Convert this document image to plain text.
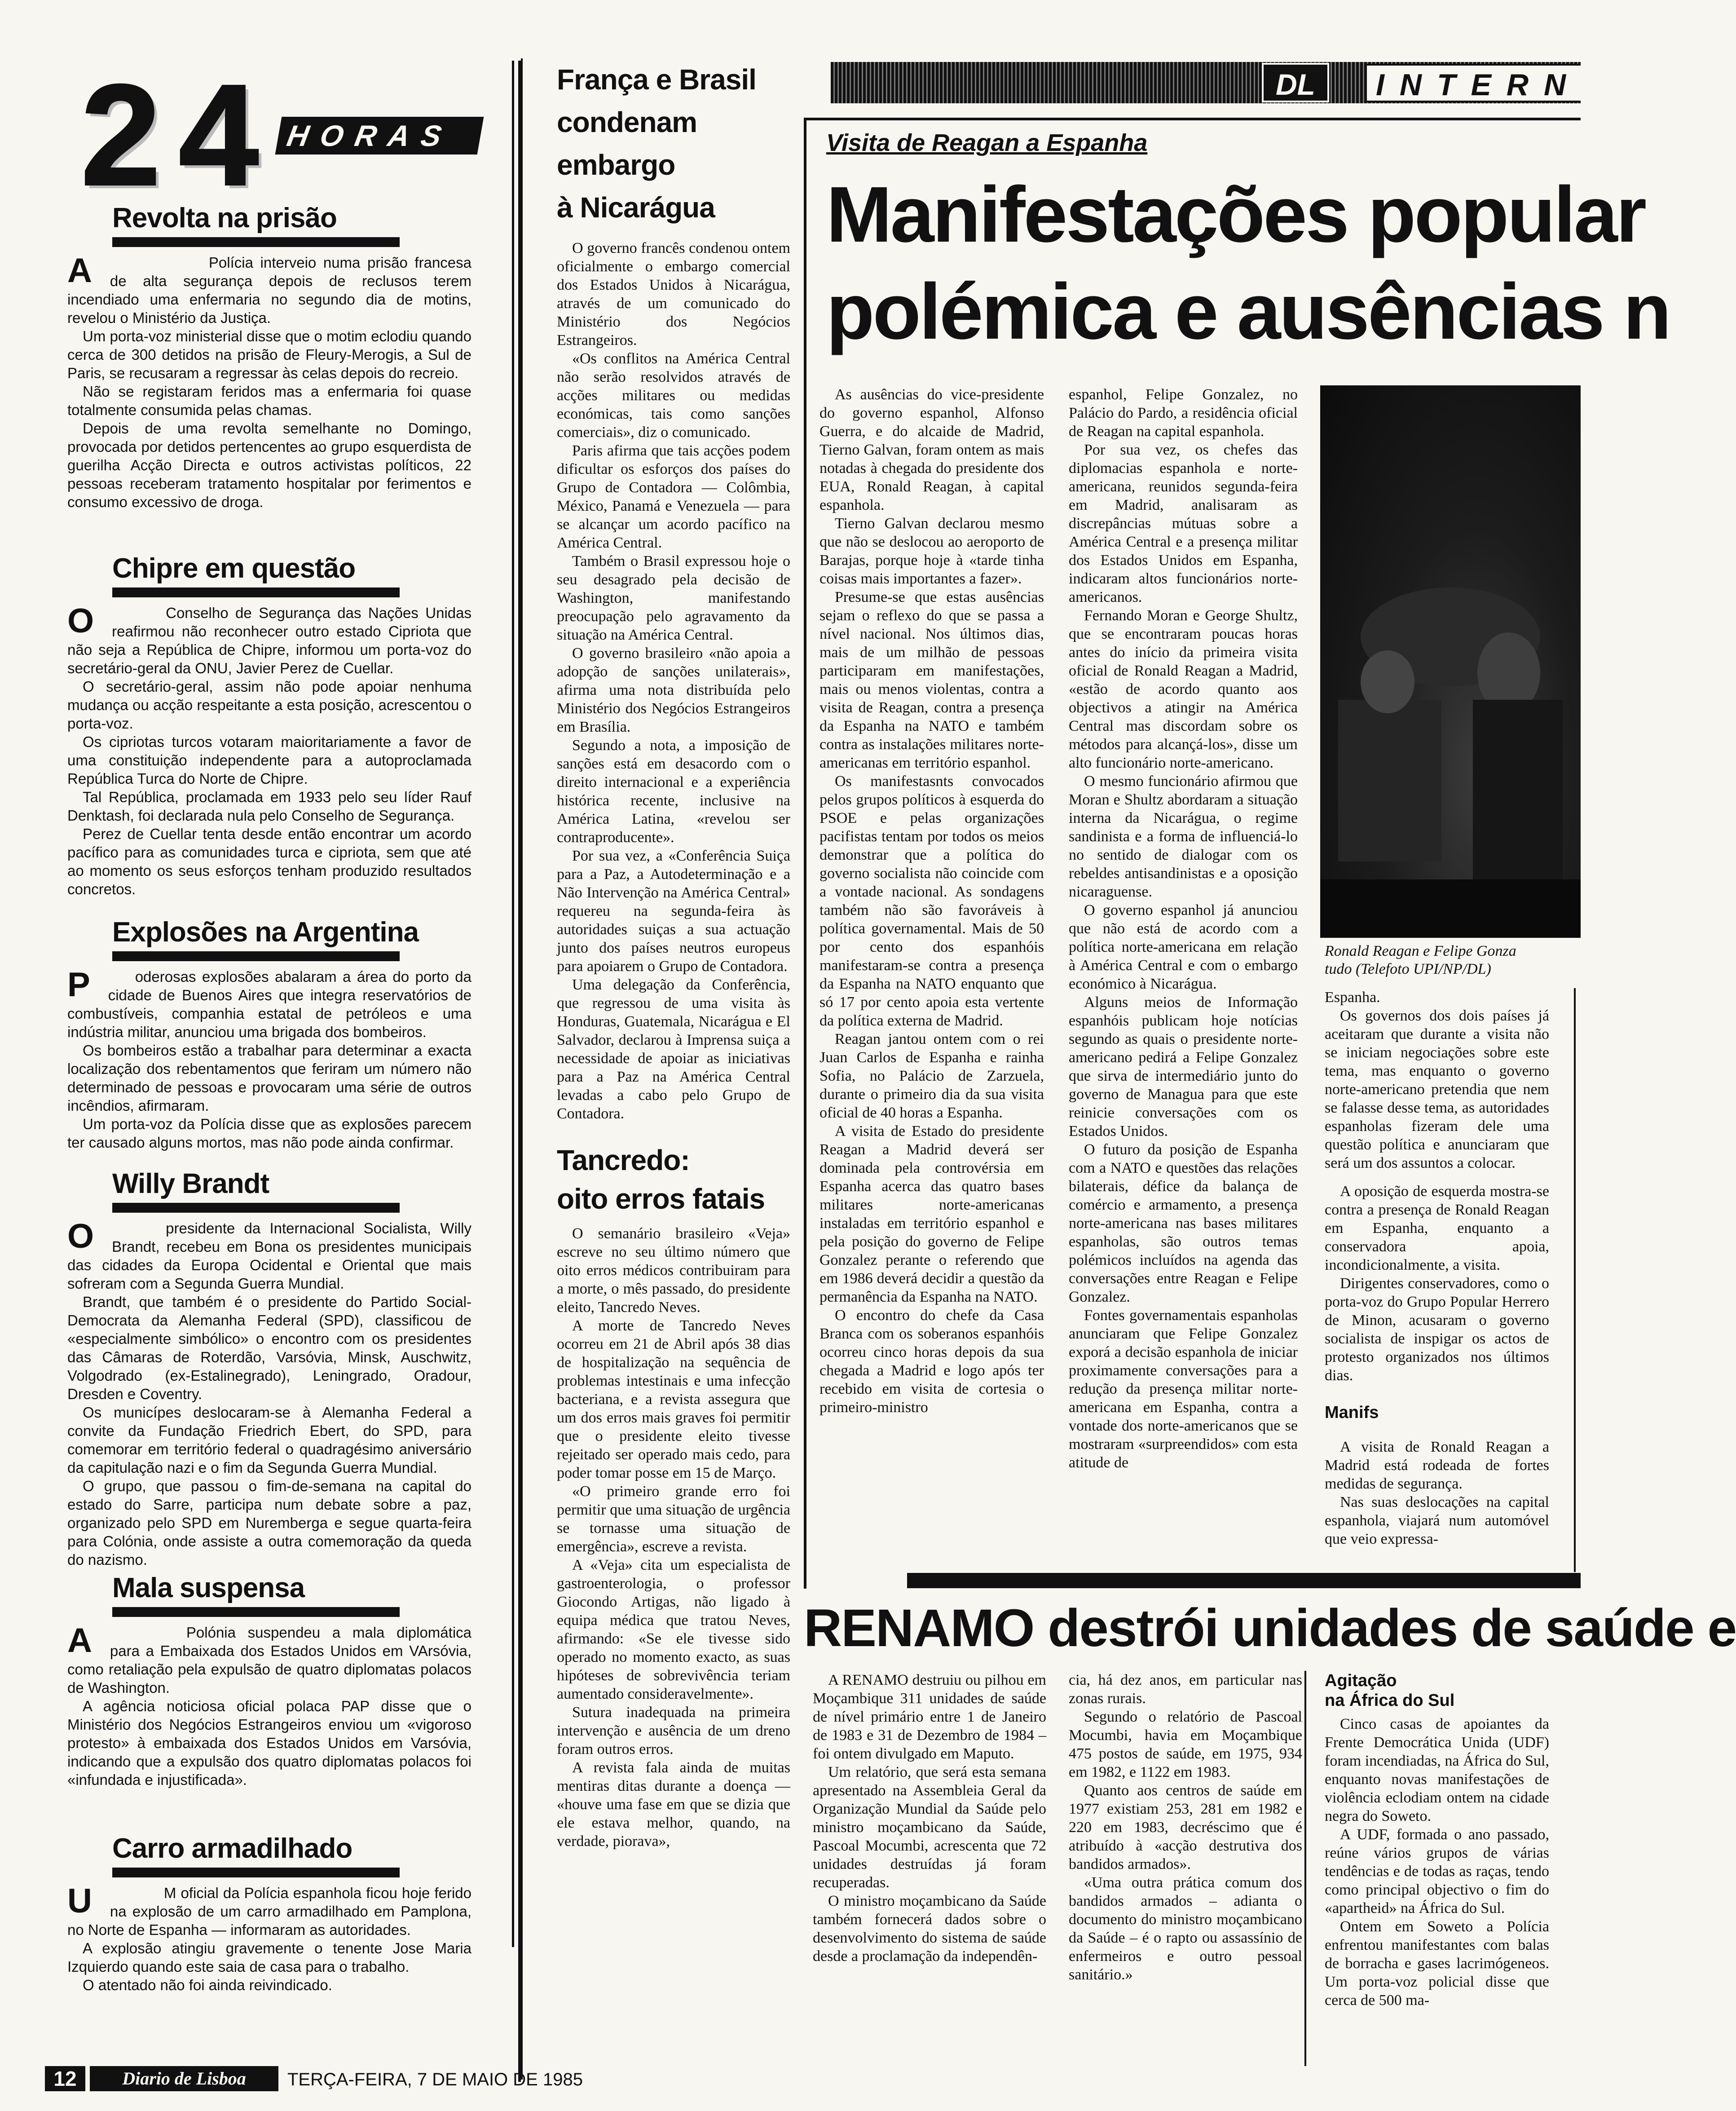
24 HORAS
Revolta na prisão
A	Polícia interveio numa prisão francesa de alta segurança depois de reclusos terem incendiado uma enfermaria no segundo dia de motins, revelou o Ministério da Justiça.

Um porta-voz ministerial disse que o motim eclodiu quando cerca de 300 detidos na prisão de Fleury-Merogis, a Sul de Paris, se recusaram a regressar às celas depois do recreio.

Não se registaram feridos mas a enfermaria foi quase totalmente consumida pelas chamas.

Depois de uma revolta semelhante no Domingo, provocada por detidos pertencentes ao grupo esquerdista de guerilha Acção Directa e outros activistas políticos, 22 pessoas receberam tratamento hospitalar por ferimentos e consumo excessivo de droga.

Chipre em questão
O	Conselho de Segurança das Nações Unidas reafirmou não reconhecer outro estado Cipriota que não seja a República de Chipre, informou um porta-voz do secretário-geral da ONU, Javier Perez de Cuellar.

O secretário-geral, assim não pode apoiar nenhuma mudança ou acção respeitante a esta posição, acrescentou o porta-voz.

Os cipriotas turcos votaram maioritariamente a favor de uma constituição independente para a autoproclamada República Turca do Norte de Chipre.

Tal República, proclamada em 1933 pelo seu líder Rauf Denktash, foi declarada nula pelo Conselho de Segurança.

Perez de Cuellar tenta desde então encontrar um acordo pacífico para as comunidades turca e cipriota, sem que até ao momento os seus esforços tenham produzido resultados concretos.

Explosões na Argentina
P	oderosas explosões abalaram a área do porto da cidade de Buenos Aires que integra reservatórios de combustíveis, companhia estatal de petróleos e uma indústria militar, anunciou uma brigada dos bombeiros.

Os bombeiros estão a trabalhar para determinar a exacta localização dos rebentamentos que feriram um número não determinado de pessoas e provocaram uma série de outros incêndios, afirmaram.

Um porta-voz da Polícia disse que as explosões parecem ter causado alguns mortos, mas não pode ainda confirmar.

Willy Brandt
O	presidente da Internacional Socialista, Willy Brandt, recebeu em Bona os presidentes municipais das cidades da Europa Ocidental e Oriental que mais sofreram com a Segunda Guerra Mundial.

Brandt, que também é o presidente do Partido Social-Democrata da Alemanha Federal (SPD), classificou de «especialmente simbólico» o encontro com os presidentes das Câmaras de Roterdão, Varsóvia, Minsk, Auschwitz, Volgodrado (ex-Estalinegrado), Leningrado, Oradour, Dresden e Coventry.

Os municípes deslocaram-se à Alemanha Federal a convite da Fundação Friedrich Ebert, do SPD, para comemorar em território federal o quadragésimo aniversário da capitulação nazi e o fim da Segunda Guerra Mundial.

O grupo, que passou o fim-de-semana na capital do estado do Sarre, participa num debate sobre a paz, organizado pelo SPD em Nuremberga e segue quarta-feira para Colónia, onde assiste a outra comemoração da queda do nazismo.

Mala suspensa
A	Polónia suspendeu a mala diplomática para a Embaixada dos Estados Unidos em VArsóvia, como retaliação pela expulsão de quatro diplomatas polacos de Washington.

A agência noticiosa oficial polaca PAP disse que o Ministério dos Negócios Estrangeiros enviou um «vigoroso protesto» à embaixada dos Estados Unidos em Varsóvia, indicando que a expulsão dos quatro diplomatas polacos foi «infundada e injustificada».

Carro armadilhado
U	M oficial da Polícia espanhola ficou hoje ferido na explosão de um carro armadilhado em Pamplona, no Norte de Espanha — informaram as autoridades.

A explosão atingiu gravemente o tenente Jose Maria Izquierdo quando este saia de casa para o trabalho.

O atentado não foi ainda reivindicado.

França e Brasil
condenam
embargo
à Nicarágua

O governo francês condenou ontem oficialmente o embargo comercial dos Estados Unidos à Nicarágua, através de um comunicado do Ministério dos Negócios Estrangeiros.

«Os conflitos na América Central não serão resolvidos através de acções militares ou medidas económicas, tais como sanções comerciais», diz o comunicado.

Paris afirma que tais acções podem dificultar os esforços dos países do Grupo de Contadora — Colômbia, México, Panamá e Venezuela — para se alcançar um acordo pacífico na América Central.

Também o Brasil expressou hoje o seu desagrado pela decisão de Washington, manifestando preocupação pelo agravamento da situação na América Central.

O governo brasileiro «não apoia a adopção de sanções unilaterais», afirma uma nota distribuída pelo Ministério dos Negócios Estrangeiros em Brasília.

Segundo a nota, a imposição de sanções está em desacordo com o direito internacional e a experiência histórica recente, inclusive na América Latina, «revelou ser contraproducente».

Por sua vez, a «Conferência Suiça para a Paz, a Autodeterminação e a Não Intervenção na América Central» requereu na segunda-feira às autoridades suiças a sua actuação junto dos países neutros europeus para apoiarem o Grupo de Contadora.

Uma delegação da Conferência, que regressou de uma visita às Honduras, Guatemala, Nicarágua e El Salvador, declarou à Imprensa suiça a necessidade de apoiar as iniciativas para a Paz na América Central levadas a cabo pelo Grupo de Contadora.

Tancredo:
oito erros fatais

O semanário brasileiro «Veja» escreve no seu último número que oito erros médicos contribuiram para a morte, o mês passado, do presidente eleito, Tancredo Neves.

A morte de Tancredo Neves ocorreu em 21 de Abril após 38 dias de hospitalização na sequência de problemas intestinais e uma infecção bacteriana, e a revista assegura que um dos erros mais graves foi permitir que o presidente eleito tivesse rejeitado ser operado mais cedo, para poder tomar posse em 15 de Março.

«O primeiro grande erro foi permitir que uma situação de urgência se tornasse uma situação de emergência», escreve a revista.

A «Veja» cita um especialista de gastroenterologia, o professor Giocondo Artigas, não ligado à equipa médica que tratou Neves, afirmando: «Se ele tivesse sido operado no momento exacto, as suas hipóteses de sobrevivência teriam aumentado consideravelmente».

Sutura inadequada na primeira intervenção e ausência de um dreno foram outros erros.

A revista fala ainda de muitas mentiras ditas durante a doença — «houve uma fase em que se dizia que ele estava melhor, quando, na verdade, piorava»,

DL	INTERN
Visita de Reagan a Espanha
Manifestações popular
polémica e ausências n

As ausências do vice-presidente do governo espanhol, Alfonso Guerra, e do alcaide de Madrid, Tierno Galvan, foram ontem as mais notadas à chegada do presidente dos EUA, Ronald Reagan, à capital espanhola.

Tierno Galvan declarou mesmo que não se deslocou ao aeroporto de Barajas, porque hoje à «tarde tinha coisas mais importantes a fazer».

Presume-se que estas ausências sejam o reflexo do que se passa a nível nacional. Nos últimos dias, mais de um milhão de pessoas participaram em manifestações, mais ou menos violentas, contra a visita de Reagan, contra a presença da Espanha na NATO e também contra as instalações militares norte-americanas em território espanhol.

Os manifestasnts convocados pelos grupos políticos à esquerda do PSOE e pelas organizações pacifistas tentam por todos os meios demonstrar que a política do governo socialista não coincide com a vontade nacional. As sondagens também não são favoráveis à política governamental. Mais de 50 por cento dos espanhóis manifestaram-se contra a presença da Espanha na NATO enquanto que só 17 por cento apoia esta vertente da política externa de Madrid.

Reagan jantou ontem com o rei Juan Carlos de Espanha e rainha Sofia, no Palácio de Zarzuela, durante o primeiro dia da sua visita oficial de 40 horas a Espanha.

A visita de Estado do presidente Reagan a Madrid deverá ser dominada pela controvérsia em Espanha acerca das quatro bases militares norte-americanas instaladas em território espanhol e pela posição do governo de Felipe Gonzalez perante o referendo que em 1986 deverá decidir a questão da permanência da Espanha na NATO.

O encontro do chefe da Casa Branca com os soberanos espanhóis ocorreu cinco horas depois da sua chegada a Madrid e logo após ter recebido em visita de cortesia o primeiro-ministro

espanhol, Felipe Gonzalez, no Palácio do Pardo, a residência oficial de Reagan na capital espanhola.

Por sua vez, os chefes das diplomacias espanhola e norte-americana, reunidos segunda-feira em Madrid, analisaram as discrepâncias mútuas sobre a América Central e a presença militar dos Estados Unidos em Espanha, indicaram altos funcionários norte-americanos.

Fernando Moran e George Shultz, que se encontraram poucas horas antes do início da primeira visita oficial de Ronald Reagan a Madrid, «estão de acordo quanto aos objectivos a atingir na América Central mas discordam sobre os métodos para alcançá-los», disse um alto funcionário norte-americano.

O mesmo funcionário afirmou que Moran e Shultz abordaram a situação interna da Nicarágua, o regime sandinista e a forma de influenciá-lo no sentido de dialogar com os rebeldes antisandinistas e a oposição nicaraguense.

O governo espanhol já anunciou que não está de acordo com a política norte-americana em relação à América Central e com o embargo económico à Nicarágua.

Alguns meios de Informação espanhóis publicam hoje notícias segundo as quais o presidente norte-americano pedirá a Felipe Gonzalez que sirva de intermediário junto do governo de Managua para que este reinicie conversações com os Estados Unidos.

O futuro da posição de Espanha com a NATO e questões das relações bilaterais, défice da balança de comércio e armamento, a presença norte-americana nas bases militares espanholas, são outros temas polémicos incluídos na agenda das conversações entre Reagan e Felipe Gonzalez.

Fontes governamentais espanholas anunciaram que Felipe Gonzalez exporá a decisão espanhola de iniciar proximamente conversações para a redução da presença militar norte-americana em Espanha, contra a vontade dos norte-americanos que se mostraram «surpreendidos» com esta atitude de

Ronald Reagan e Felipe Gonza
tudo (Telefoto UPI/NP/DL)

Espanha.

Os governos dos dois países já aceitaram que durante a visita não se iniciam negociações sobre este tema, mas enquanto o governo norte-americano pretendia que nem se falasse desse tema, as autoridades espanholas fizeram dele uma questão política e anunciaram que será um dos assuntos a colocar.

A oposição de esquerda mostra-se contra a presença de Ronald Reagan em Espanha, enquanto a conservadora apoia, incondicionalmente, a visita.

Dirigentes conservadores, como o porta-voz do Grupo Popular Herrero de Minon, acusaram o governo socialista de inspigar os actos de protesto organizados nos últimos dias.

Manifs

A visita de Ronald Reagan a Madrid está rodeada de fortes medidas de segurança.

Nas suas deslocações na capital espanhola, viajará num automóvel que veio expressa-

RENAMO destrói unidades de saúde e

A RENAMO destruiu ou pilhou em Moçambique 311 unidades de saúde de nível primário entre 1 de Janeiro de 1983 e 31 de Dezembro de 1984 – foi ontem divulgado em Maputo.

Um relatório, que será esta semana apresentado na Assembleia Geral da Organização Mundial da Saúde pelo ministro moçambicano da Saúde, Pascoal Mocumbi, acrescenta que 72 unidades destruídas já foram recuperadas.

O ministro moçambicano da Saúde também fornecerá dados sobre o desenvolvimento do sistema de saúde desde a proclamação da independên-

cia, há dez anos, em particular nas zonas rurais.

Segundo o relatório de Pascoal Mocumbi, havia em Moçambique 475 postos de saúde, em 1975, 934 em 1982, e 1122 em 1983.

Quanto aos centros de saúde em 1977 existiam 253, 281 em 1982 e 220 em 1983, decréscimo que é atribuído à «acção destrutiva dos bandidos armados».

«Uma outra prática comum dos bandidos armados – adianta o documento do ministro moçambicano da Saúde – é o rapto ou assassínio de enfermeiros e outro pessoal sanitário.»

Agitação
na África do Sul

Cinco casas de apoiantes da Frente Democrática Unida (UDF) foram incendiadas, na África do Sul, enquanto novas manifestações de violência eclodiam ontem na cidade negra do Soweto.

A UDF, formada o ano passado, reúne vários grupos de várias tendências e de todas as raças, tendo como principal objectivo o fim do «apartheid» na África do Sul.

Ontem em Soweto a Polícia enfrentou manifestantes com balas de borracha e gases lacrimógeneos. Um porta-voz policial disse que cerca de 500 ma-

12	Diario de Lisboa	TERÇA-FEIRA, 7 DE MAIO DE 1985
